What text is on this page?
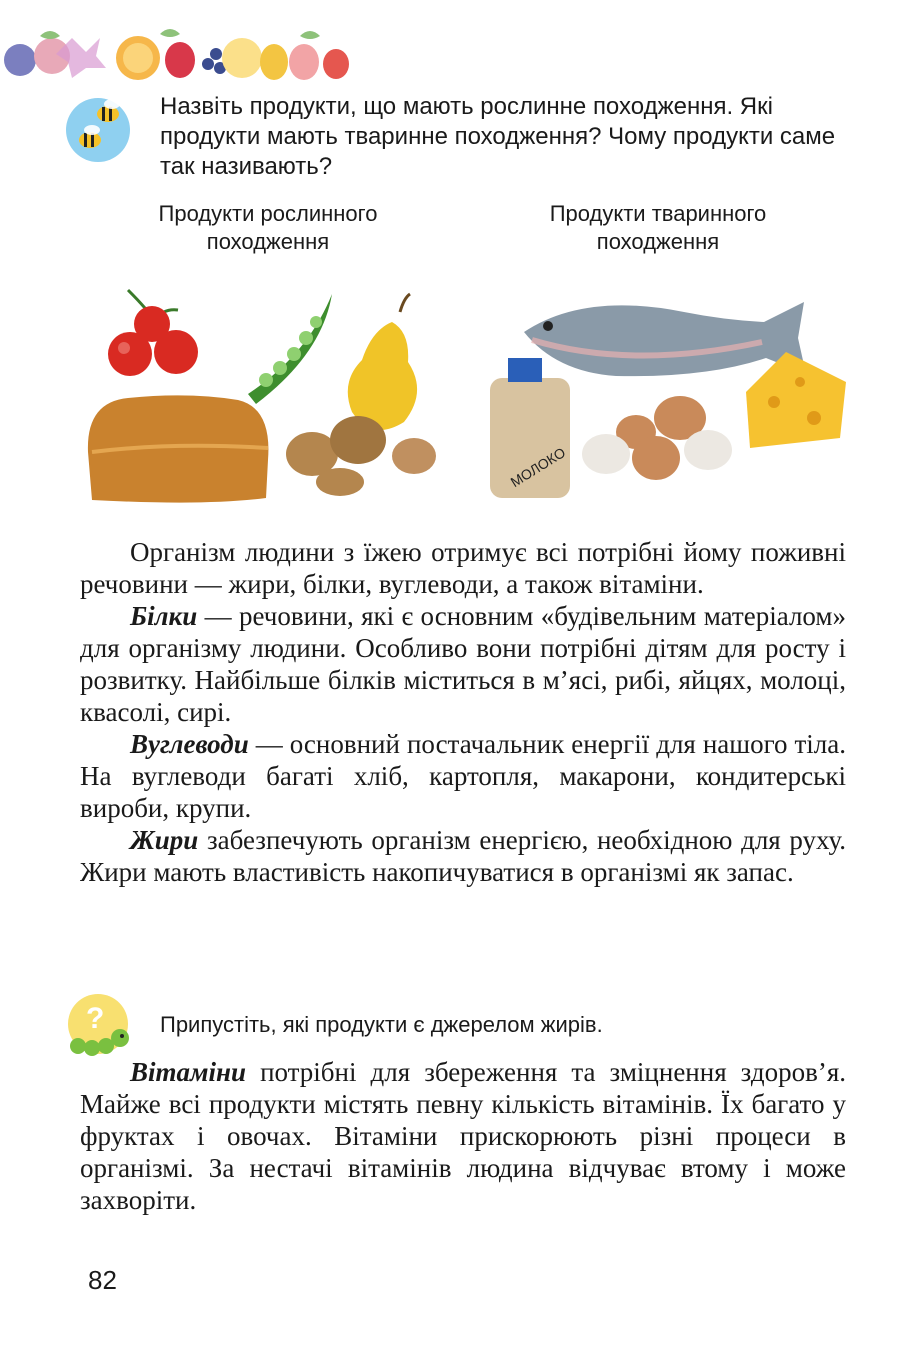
Назвіть продукти, що мають рослинне походження. Які продукти мають тваринне походження? Чому продукти саме так називають?
Продукти рослинного походження
Продукти тваринного походження
МОЛОКО

Організм людини з їжею отримує всі потрібні йому поживні речовини — жири, білки, вуглеводи, а також вітаміни.

Білки — речовини, які є основним «будівельним матеріалом» для організму людини. Особливо вони потрібні дітям для росту і розвитку. Найбільше білків міститься в м’ясі, рибі, яйцях, молоці, квасолі, сирі.

Вуглеводи — основний постачальник енергії для нашого тіла. На вуглеводи багаті хліб, картопля, макарони, кондитерські вироби, крупи.

Жири забезпечують організм енергією, необхідною для руху. Жири мають властивість накопичуватися в організмі як запас.

?	Припустіть, які продукти є джерелом жирів.

Вітаміни потрібні для збереження та зміцнення здоров’я. Майже всі продукти містять певну кількість вітамінів. Їх багато у фруктах і овочах. Вітаміни прискорюють різні процеси в організмі. За нестачі вітамінів людина відчуває втому і може захворіти.

82
